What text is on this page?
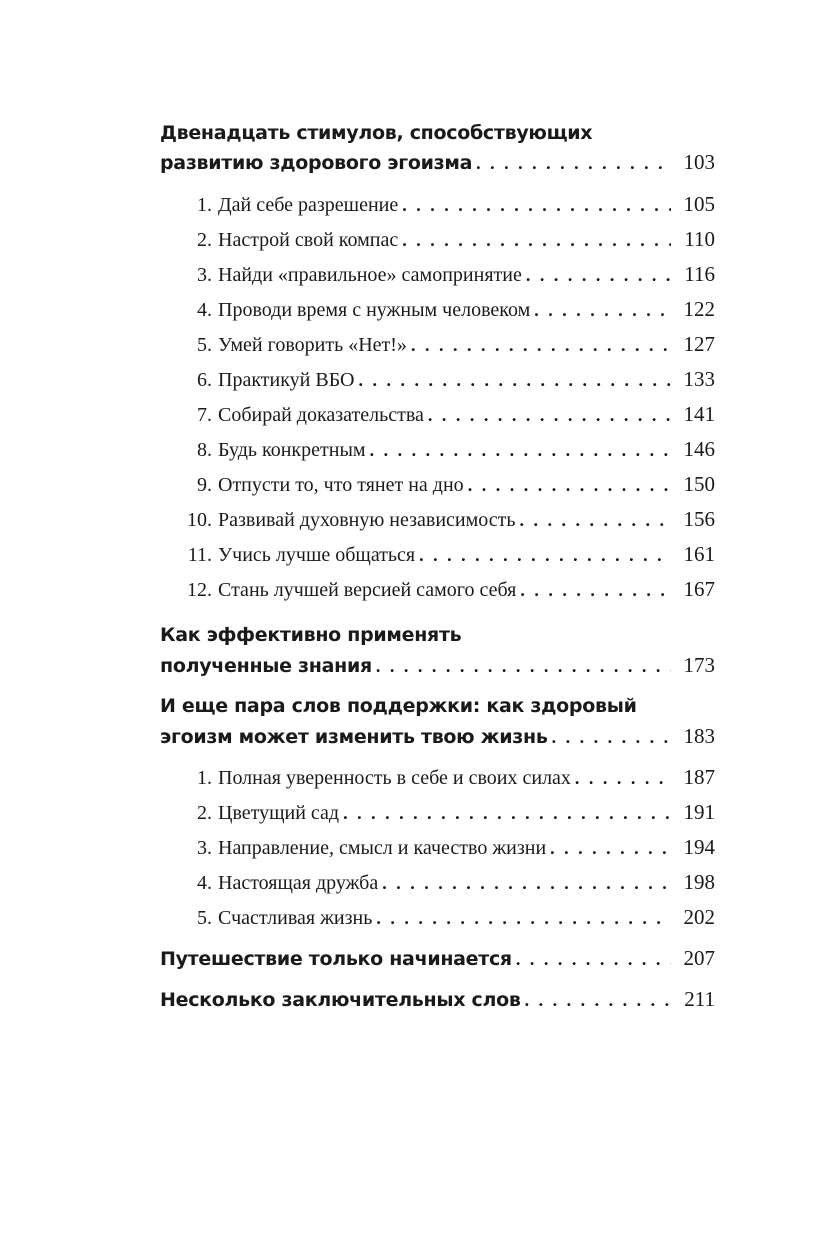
Двенадцать стимулов, способствующих
развитию здорового эгоизма . . .	103
1. Дай себе разрешение . . .	105
2. Настрой свой компас . . .	110
3. Найди «правильное» самопринятие . . .	116
4. Проводи время с нужным человеком . . .	122
5. Умей говорить «Нет!» . . .	127
6. Практикуй ВБО . . .	133
7. Собирай доказательства . . .	141
8. Будь конкретным . . .	146
9. Отпусти то, что тянет на дно . . .	150
10. Развивай духовную независимость . . .	156
11. Учись лучше общаться . . .	161
12. Стань лучшей версией самого себя . . .	167
Как эффективно применять
полученные знания . . .	173
И еще пара слов поддержки: как здоровый
эгоизм может изменить твою жизнь . . .	183
1. Полная уверенность в себе и своих силах . . .	187
2. Цветущий сад . . .	191
3. Направление, смысл и качество жизни . . .	194
4. Настоящая дружба . . .	198
5. Счастливая жизнь . . .	202
Путешествие только начинается . . .	207
Несколько заключительных слов . . .	211
